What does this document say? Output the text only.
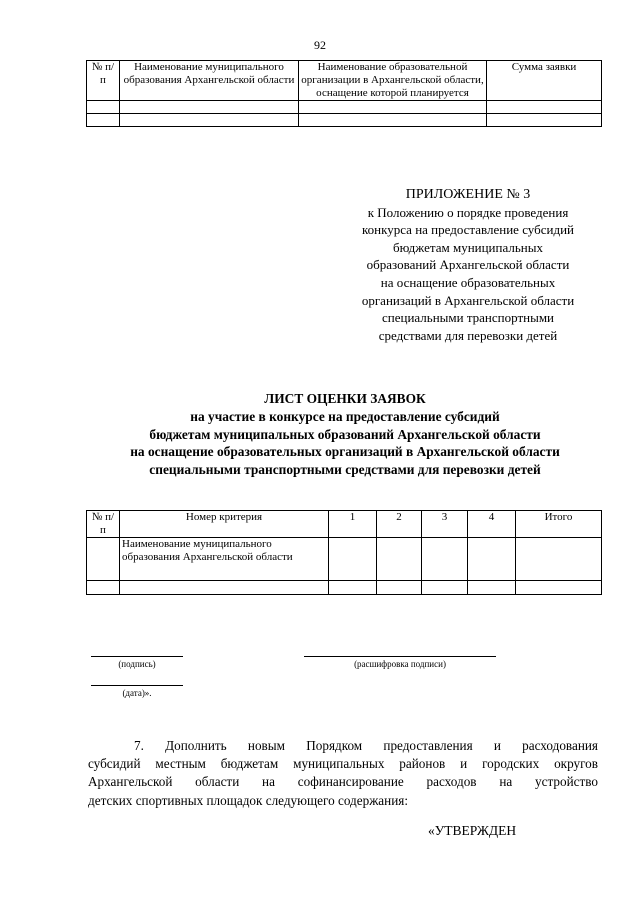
92
№ п/п	Наименование муниципального образования Архангельской области	Наименование образовательной организации в Архангельской области, оснащение которой планируется	Сумма заявки

ПРИЛОЖЕНИЕ № 3
к Положению о порядке проведения
конкурса на предоставление субсидий
бюджетам муниципальных
образований Архангельской области
на оснащение образовательных
организаций в Архангельской области
специальными транспортными
средствами для перевозки детей
ЛИСТ ОЦЕНКИ ЗАЯВОК
на участие в конкурсе на предоставление субсидий
бюджетам муниципальных образований Архангельской области
на оснащение образовательных организаций в Архангельской области
специальными транспортными средствами для перевозки детей
№ п/п	Номер критерия	1	2	3	4	Итого
	Наименование муниципального образования Архангельской области					

(подпись)	(расшифровка подписи)
(дата)».
7. Дополнить новым Порядком предоставления и расходования
субсидий местным бюджетам муниципальных районов и городских округов
Архангельской области на софинансирование расходов на устройство
детских спортивных площадок следующего содержания:
«УТВЕРЖДЕН
